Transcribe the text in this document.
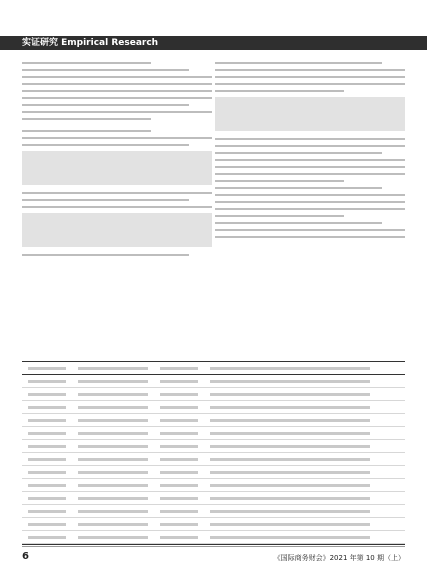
实证研究 Empirical Research
6	《国际商务财会》2021 年第 10 期（上）
